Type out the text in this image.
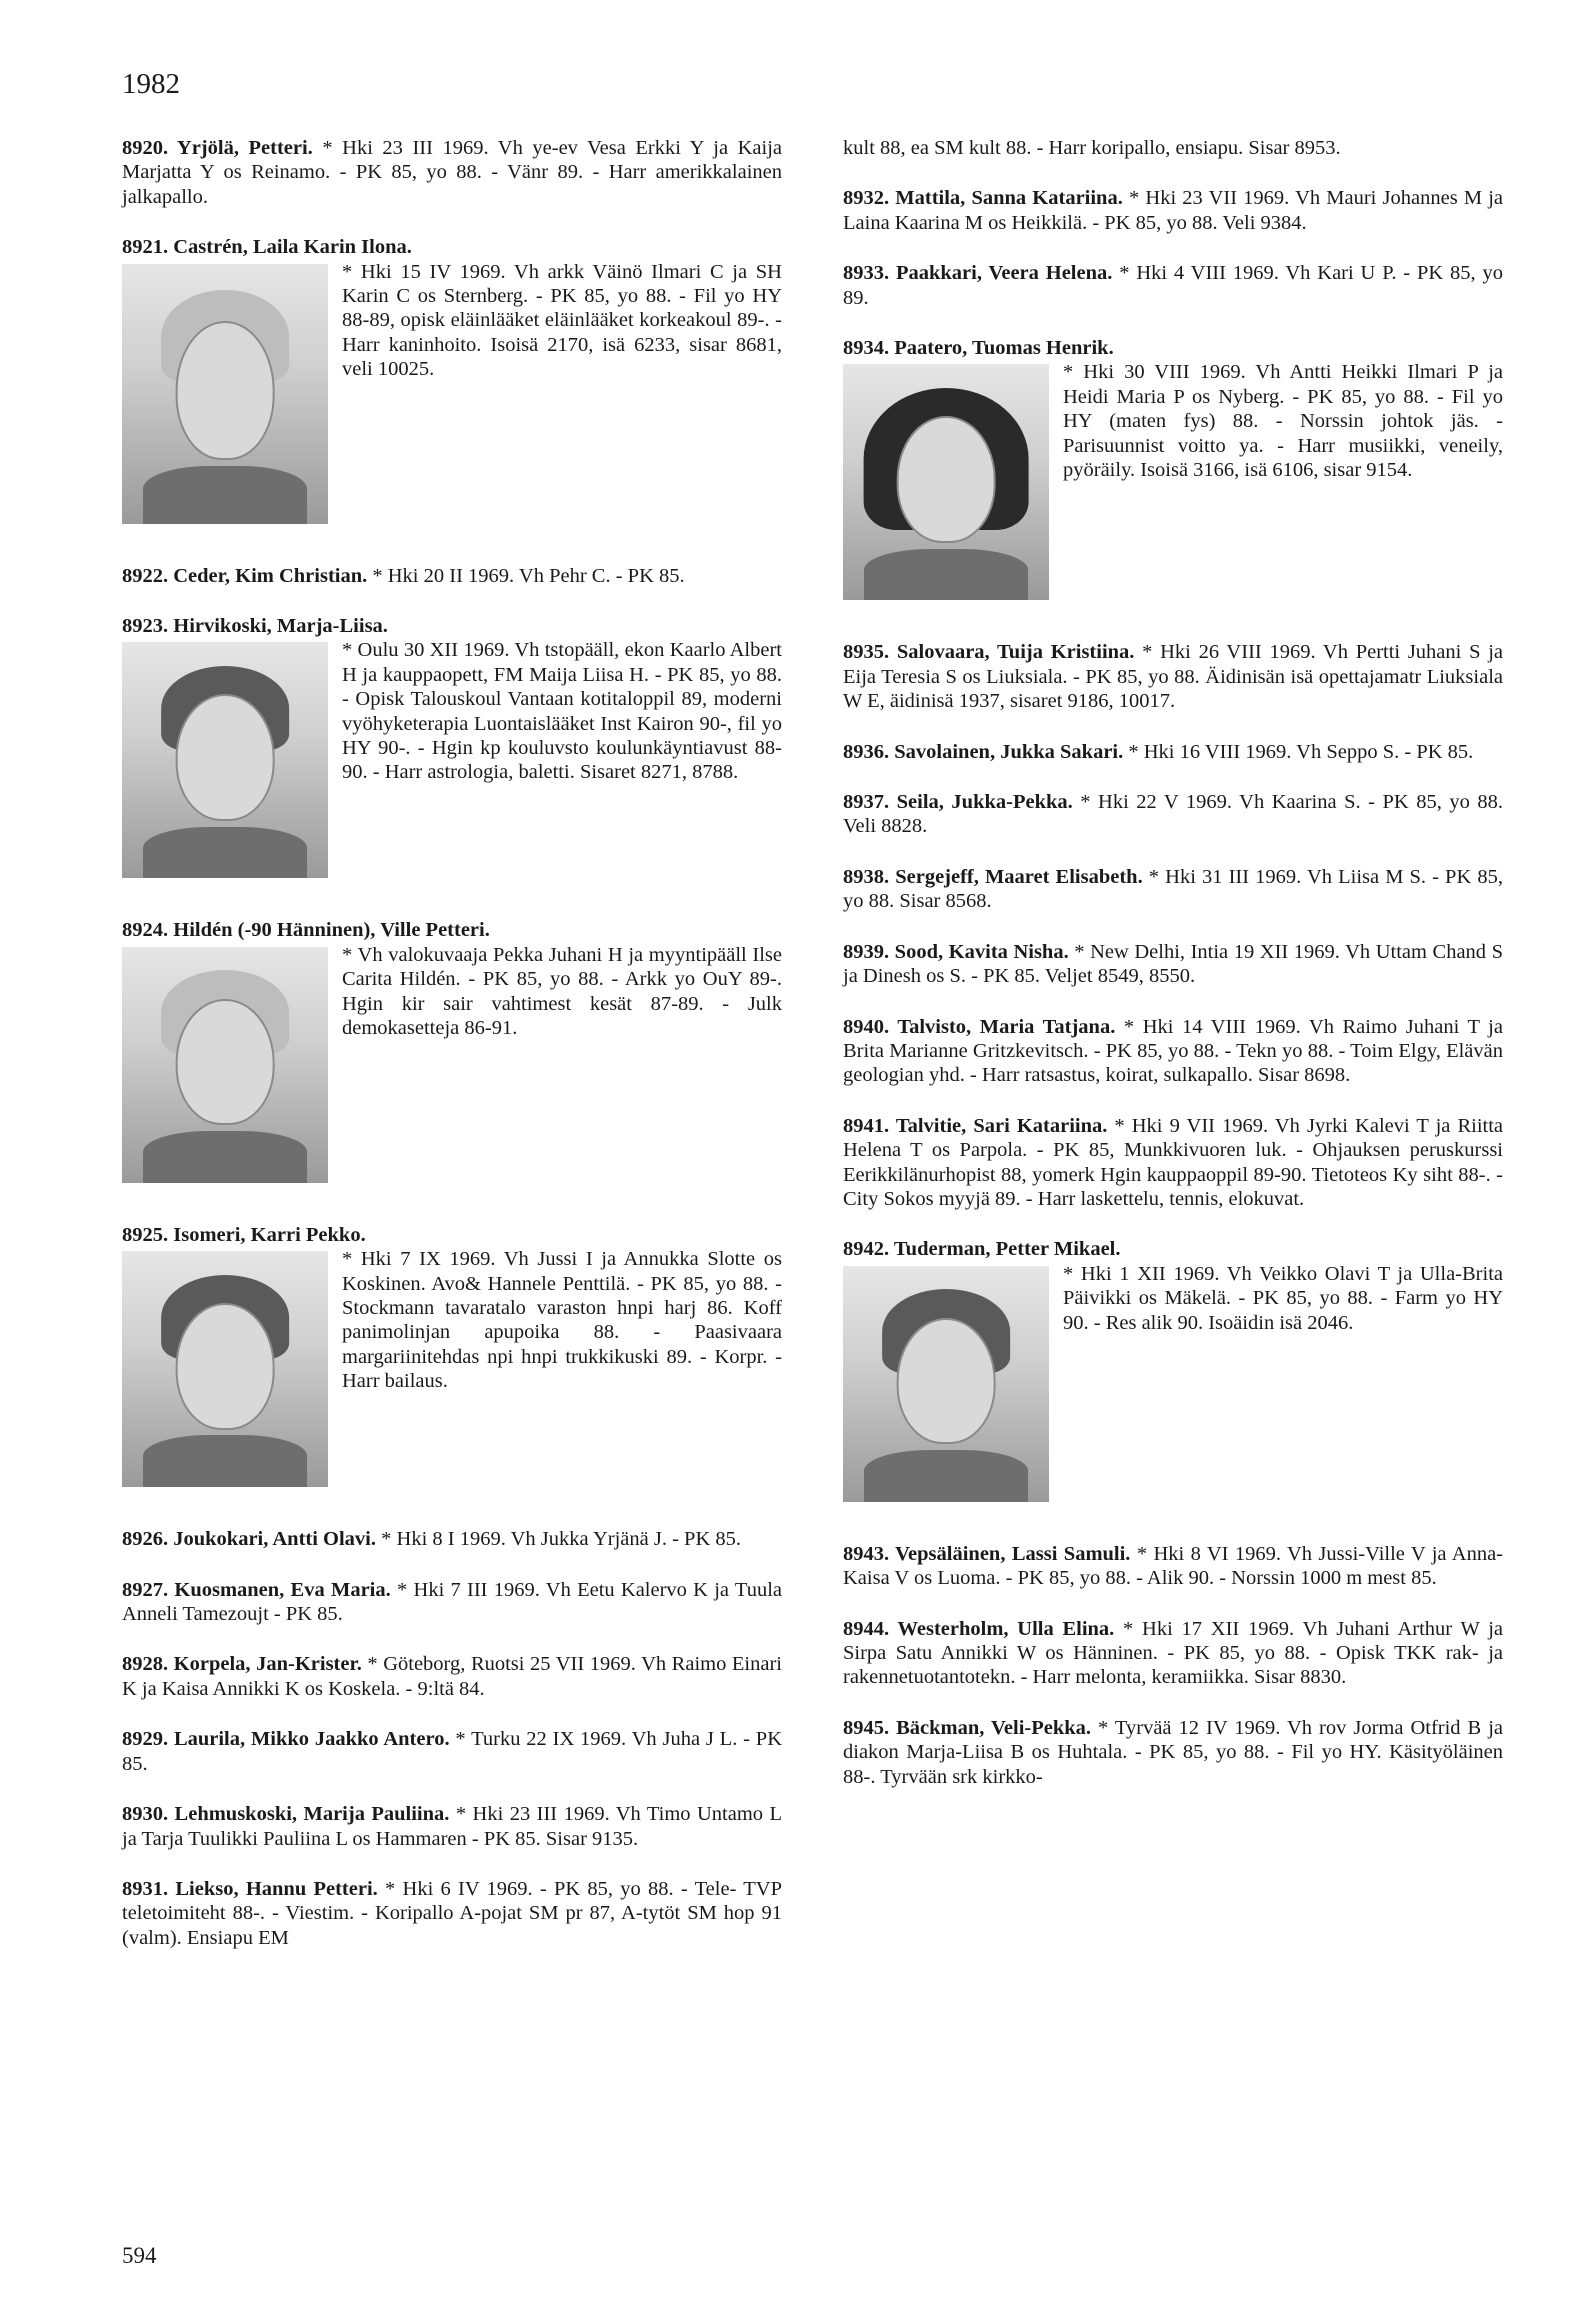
1982
8920. Yrjölä, Petteri. * Hki 23 III 1969. Vh ye-ev Vesa Erkki Y ja Kaija Marjatta Y os Reinamo. - PK 85, yo 88. - Vänr 89. - Harr amerikkalainen jalkapallo.
8921. Castrén, Laila Karin Ilona.
* Hki 15 IV 1969. Vh arkk Väinö Ilmari C ja SH Karin C os Sternberg. - PK 85, yo 88. - Fil yo HY 88-89, opisk eläinlääket eläinlääket korkeakoul 89-. - Harr kaninhoito. Isoisä 2170, isä 6233, sisar 8681, veli 10025.
8922. Ceder, Kim Christian. * Hki 20 II 1969. Vh Pehr C. - PK 85.
8923. Hirvikoski, Marja-Liisa.
* Oulu 30 XII 1969. Vh tstopääll, ekon Kaarlo Albert H ja kauppaopett, FM Maija Liisa H. - PK 85, yo 88. - Opisk Talouskoul Vantaan kotitaloppil 89, moderni vyöhyketerapia Luontaislääket Inst Kairon 90-, fil yo HY 90-. - Hgin kp kouluvsto koulunkäyntiavust 88-90. - Harr astrologia, baletti. Sisaret 8271, 8788.
8924. Hildén (-90 Hänninen), Ville Petteri.
* Vh valokuvaaja Pekka Juhani H ja myyntipääll Ilse Carita Hildén. - PK 85, yo 88. - Arkk yo OuY 89-. Hgin kir sair vahtimest kesät 87-89. - Julk demokasetteja 86-91.
8925. Isomeri, Karri Pekko.
* Hki 7 IX 1969. Vh Jussi I ja Annukka Slotte os Koskinen. Avo& Hannele Penttilä. - PK 85, yo 88. - Stockmann tavaratalo varaston hnpi harj 86. Koff panimolinjan apupoika 88. - Paasivaara margariinitehdas npi hnpi trukkikuski 89. - Korpr. - Harr bailaus.
8926. Joukokari, Antti Olavi. * Hki 8 I 1969. Vh Jukka Yrjänä J. - PK 85.
8927. Kuosmanen, Eva Maria. * Hki 7 III 1969. Vh Eetu Kalervo K ja Tuula Anneli Tamezoujt - PK 85.
8928. Korpela, Jan-Krister. * Göteborg, Ruotsi 25 VII 1969. Vh Raimo Einari K ja Kaisa Annikki K os Koskela. - 9:ltä 84.
8929. Laurila, Mikko Jaakko Antero. * Turku 22 IX 1969. Vh Juha J L. - PK 85.
8930. Lehmuskoski, Marija Pauliina. * Hki 23 III 1969. Vh Timo Untamo L ja Tarja Tuulikki Pauliina L os Hammaren - PK 85. Sisar 9135.
8931. Liekso, Hannu Petteri. * Hki 6 IV 1969. - PK 85, yo 88. - Tele- TVP teletoimiteht 88-. - Viestim. - Koripallo A-pojat SM pr 87, A-tytöt SM hop 91 (valm). Ensiapu EM
kult 88, ea SM kult 88. - Harr koripallo, ensiapu. Sisar 8953.
8932. Mattila, Sanna Katariina. * Hki 23 VII 1969. Vh Mauri Johannes M ja Laina Kaarina M os Heikkilä. - PK 85, yo 88. Veli 9384.
8933. Paakkari, Veera Helena. * Hki 4 VIII 1969. Vh Kari U P. - PK 85, yo 89.
8934. Paatero, Tuomas Henrik.
* Hki 30 VIII 1969. Vh Antti Heikki Ilmari P ja Heidi Maria P os Nyberg. - PK 85, yo 88. - Fil yo HY (maten fys) 88. - Norssin johtok jäs. - Parisuunnist voitto ya. - Harr musiikki, veneily, pyöräily. Isoisä 3166, isä 6106, sisar 9154.
8935. Salovaara, Tuija Kristiina. * Hki 26 VIII 1969. Vh Pertti Juhani S ja Eija Teresia S os Liuksiala. - PK 85, yo 88. Äidinisän isä opettajamatr Liuksiala W E, äidinisä 1937, sisaret 9186, 10017.
8936. Savolainen, Jukka Sakari. * Hki 16 VIII 1969. Vh Seppo S. - PK 85.
8937. Seila, Jukka-Pekka. * Hki 22 V 1969. Vh Kaarina S. - PK 85, yo 88. Veli 8828.
8938. Sergejeff, Maaret Elisabeth. * Hki 31 III 1969. Vh Liisa M S. - PK 85, yo 88. Sisar 8568.
8939. Sood, Kavita Nisha. * New Delhi, Intia 19 XII 1969. Vh Uttam Chand S ja Dinesh os S. - PK 85. Veljet 8549, 8550.
8940. Talvisto, Maria Tatjana. * Hki 14 VIII 1969. Vh Raimo Juhani T ja Brita Marianne Gritzkevitsch. - PK 85, yo 88. - Tekn yo 88. - Toim Elgy, Elävän geologian yhd. - Harr ratsastus, koirat, sulkapallo. Sisar 8698.
8941. Talvitie, Sari Katariina. * Hki 9 VII 1969. Vh Jyrki Kalevi T ja Riitta Helena T os Parpola. - PK 85, Munkkivuoren luk. - Ohjauksen peruskurssi Eerikkilänurhopist 88, yomerk Hgin kauppaoppil 89-90. Tietoteos Ky siht 88-. - City Sokos myyjä 89. - Harr laskettelu, tennis, elokuvat.
8942. Tuderman, Petter Mikael.
* Hki 1 XII 1969. Vh Veikko Olavi T ja Ulla-Brita Päivikki os Mäkelä. - PK 85, yo 88. - Farm yo HY 90. - Res alik 90. Isoäidin isä 2046.
8943. Vepsäläinen, Lassi Samuli. * Hki 8 VI 1969. Vh Jussi-Ville V ja Anna-Kaisa V os Luoma. - PK 85, yo 88. - Alik 90. - Norssin 1000 m mest 85.
8944. Westerholm, Ulla Elina. * Hki 17 XII 1969. Vh Juhani Arthur W ja Sirpa Satu Annikki W os Hänninen. - PK 85, yo 88. - Opisk TKK rak- ja rakennetuotantotekn. - Harr melonta, keramiikka. Sisar 8830.
8945. Bäckman, Veli-Pekka. * Tyrvää 12 IV 1969. Vh rov Jorma Otfrid B ja diakon Marja-Liisa B os Huhtala. - PK 85, yo 88. - Fil yo HY. Käsityöläinen 88-. Tyrvään srk kirkko-
594
